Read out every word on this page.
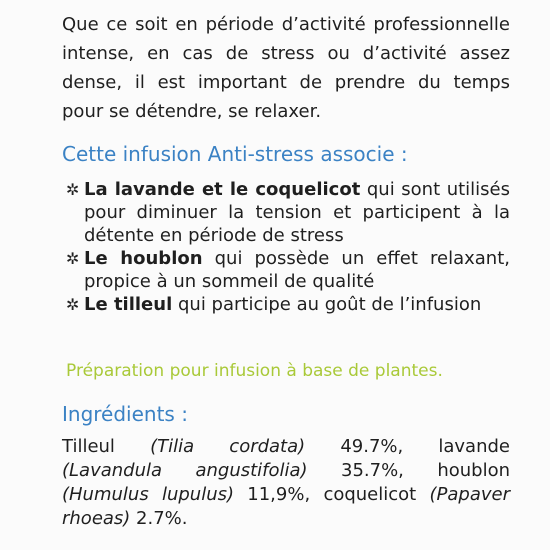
Que ce soit en période d’activité professionnelle
intense, en cas de stress ou d’activité assez
dense, il est important de prendre du temps
pour se détendre, se relaxer.
Cette infusion Anti-stress associe :
✲ La lavande et le coquelicot qui sont utilisés
pour diminuer la tension et participent à la
détente en période de stress
✲ Le houblon qui possède un effet relaxant,
propice à un sommeil de qualité
✲ Le tilleul qui participe au goût de l’infusion
Préparation pour infusion à base de plantes.
Ingrédients :
Tilleul (Tilia cordata) 49.7%, lavande
(Lavandula angustifolia) 35.7%, houblon
(Humulus lupulus) 11,9%, coquelicot (Papaver
rhoeas) 2.7%.
